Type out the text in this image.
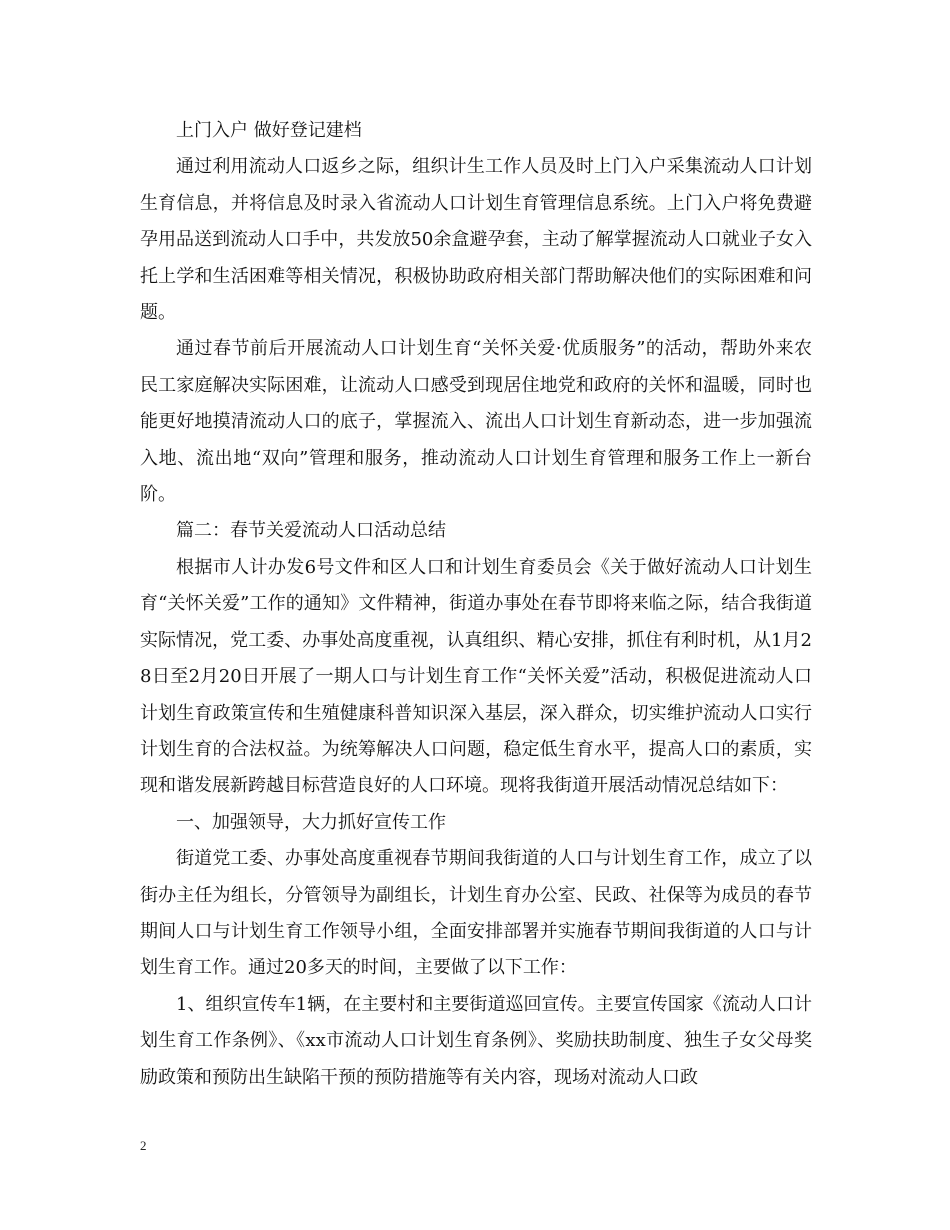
上门入户 做好登记建档

通过利用流动人口返乡之际，组织计生工作人员及时上门入户采集流动人口计划生育信息，并将信息及时录入省流动人口计划生育管理信息系统。上门入户将免费避孕用品送到流动人口手中，共发放50余盒避孕套，主动了解掌握流动人口就业子女入托上学和生活困难等相关情况，积极协助政府相关部门帮助解决他们的实际困难和问题。

通过春节前后开展流动人口计划生育“关怀关爱·优质服务”的活动，帮助外来农民工家庭解决实际困难，让流动人口感受到现居住地党和政府的关怀和温暖，同时也能更好地摸清流动人口的底子，掌握流入、流出人口计划生育新动态，进一步加强流入地、流出地“双向”管理和服务，推动流动人口计划生育管理和服务工作上一新台阶。

篇二：春节关爱流动人口活动总结

根据市人计办发6号文件和区人口和计划生育委员会《关于做好流动人口计划生育“关怀关爱”工作的通知》文件精神，街道办事处在春节即将来临之际，结合我街道实际情况，党工委、办事处高度重视，认真组织、精心安排，抓住有利时机，从1月28日至2月20日开展了一期人口与计划生育工作“关怀关爱”活动，积极促进流动人口计划生育政策宣传和生殖健康科普知识深入基层，深入群众，切实维护流动人口实行计划生育的合法权益。为统筹解决人口问题，稳定低生育水平，提高人口的素质，实现和谐发展新跨越目标营造良好的人口环境。现将我街道开展活动情况总结如下：

一、加强领导，大力抓好宣传工作

街道党工委、办事处高度重视春节期间我街道的人口与计划生育工作，成立了以街办主任为组长，分管领导为副组长，计划生育办公室、民政、社保等为成员的春节期间人口与计划生育工作领导小组，全面安排部署并实施春节期间我街道的人口与计划生育工作。通过20多天的时间，主要做了以下工作：

1、组织宣传车1辆，在主要村和主要街道巡回宣传。主要宣传国家《流动人口计划生育工作条例》、《xx市流动人口计划生育条例》、奖励扶助制度、独生子女父母奖励政策和预防出生缺陷干预的预防措施等有关内容，现场对流动人口政

2
